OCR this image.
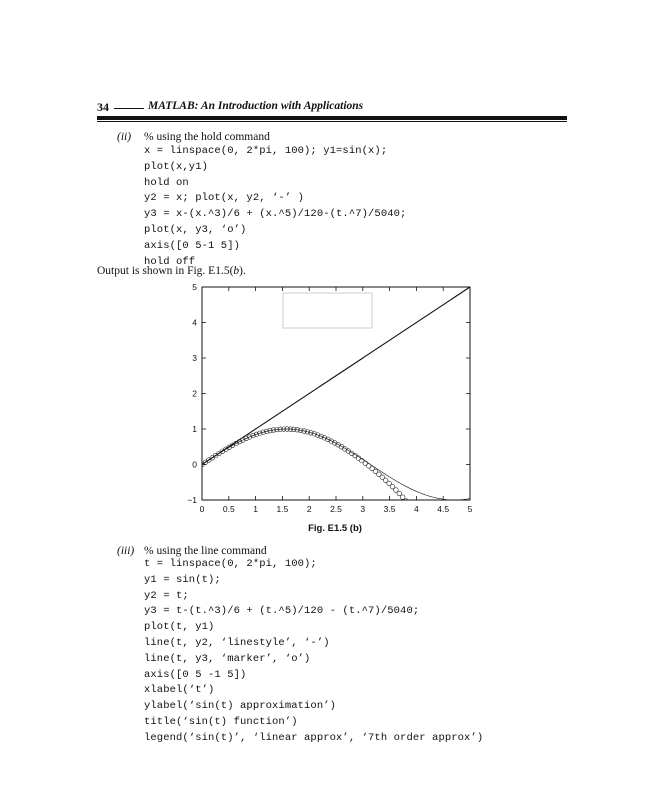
34	MATLAB: An Introduction with Applications
(ii) % using the hold command
x = linspace(0, 2*pi, 100); y1=sin(x);
plot(x,y1)
hold on
y2 = x; plot(x, y2, ‘-’ )
y3 = x-(x.^3)/6 + (x.^5)/120-(t.^7)/5040;
plot(x, y3, ‘o’)
axis([0 5-1 5])
hold off
Output is shown in Fig. E1.5(b).
0 0.5 1 1.5 2 2.5 3 3.5 4 4.5 5
−1
0
1
2
3
4
5
Fig. E1.5 (b)
(iii) % using the line command
t = linspace(0, 2*pi, 100);
y1 = sin(t);
y2 = t;
y3 = t-(t.^3)/6 + (t.^5)/120 - (t.^7)/5040;
plot(t, y1)
line(t, y2, ‘linestyle’, ‘-’)
line(t, y3, ‘marker’, ‘o’)
axis([0 5 -1 5])
xlabel(‘t’)
ylabel(‘sin(t) approximation’)
title(‘sin(t) function’)
legend(‘sin(t)’, ‘linear approx’, ‘7th order approx’)
